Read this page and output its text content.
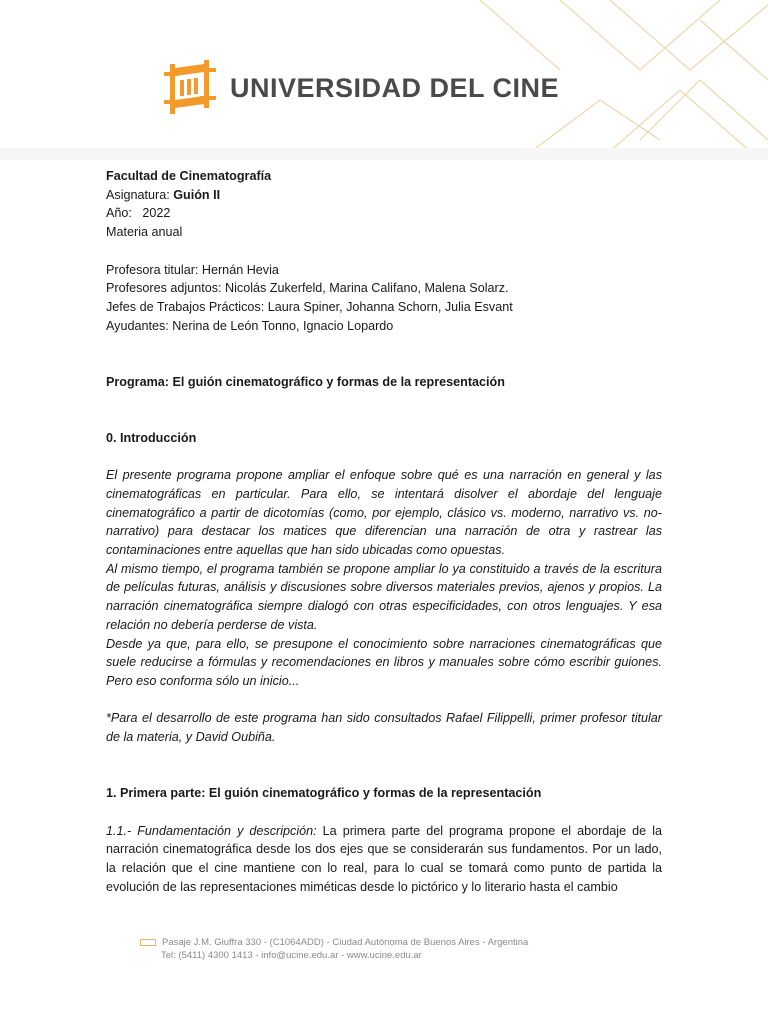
UNIVERSIDAD DEL CINE
Facultad de Cinematografía
Asignatura: Guión II
Año: 2022
Materia anual
Profesora titular: Hernán Hevia
Profesores adjuntos: Nicolás Zukerfeld, Marina Califano, Malena Solarz.
Jefes de Trabajos Prácticos: Laura Spiner, Johanna Schorn, Julia Esvant
Ayudantes: Nerina de León Tonno, Ignacio Lopardo
Programa: El guión cinematográfico y formas de la representación
0. Introducción
El presente programa propone ampliar el enfoque sobre qué es una narración en general y las cinematográficas en particular. Para ello, se intentará disolver el abordaje del lenguaje cinematográfico a partir de dicotomías (como, por ejemplo, clásico vs. moderno, narrativo vs. no-narrativo) para destacar los matices que diferencian una narración de otra y rastrear las contaminaciones entre aquellas que han sido ubicadas como opuestas.
Al mismo tiempo, el programa también se propone ampliar lo ya constituido a través de la escritura de películas futuras, análisis y discusiones sobre diversos materiales previos, ajenos y propios. La narración cinematográfica siempre dialogó con otras especificidades, con otros lenguajes. Y esa relación no debería perderse de vista.
Desde ya que, para ello, se presupone el conocimiento sobre narraciones cinematográficas que suele reducirse a fórmulas y recomendaciones en libros y manuales sobre cómo escribir guiones. Pero eso conforma sólo un inicio...
*Para el desarrollo de este programa han sido consultados Rafael Filippelli, primer profesor titular de la materia, y David Oubiña.
1. Primera parte: El guión cinematográfico y formas de la representación
1.1.- Fundamentación y descripción: La primera parte del programa propone el abordaje de la narración cinematográfica desde los dos ejes que se considerarán sus fundamentos. Por un lado, la relación que el cine mantiene con lo real, para lo cual se tomará como punto de partida la evolución de las representaciones miméticas desde lo pictórico y lo literario hasta el cambio
Pasaje J.M. Giuffra 330 - (C1064ADD) - Ciudad Autónoma de Buenos Aires - Argentina
Tel: (5411) 4300 1413 - info@ucine.edu.ar - www.ucine.edu.ar
